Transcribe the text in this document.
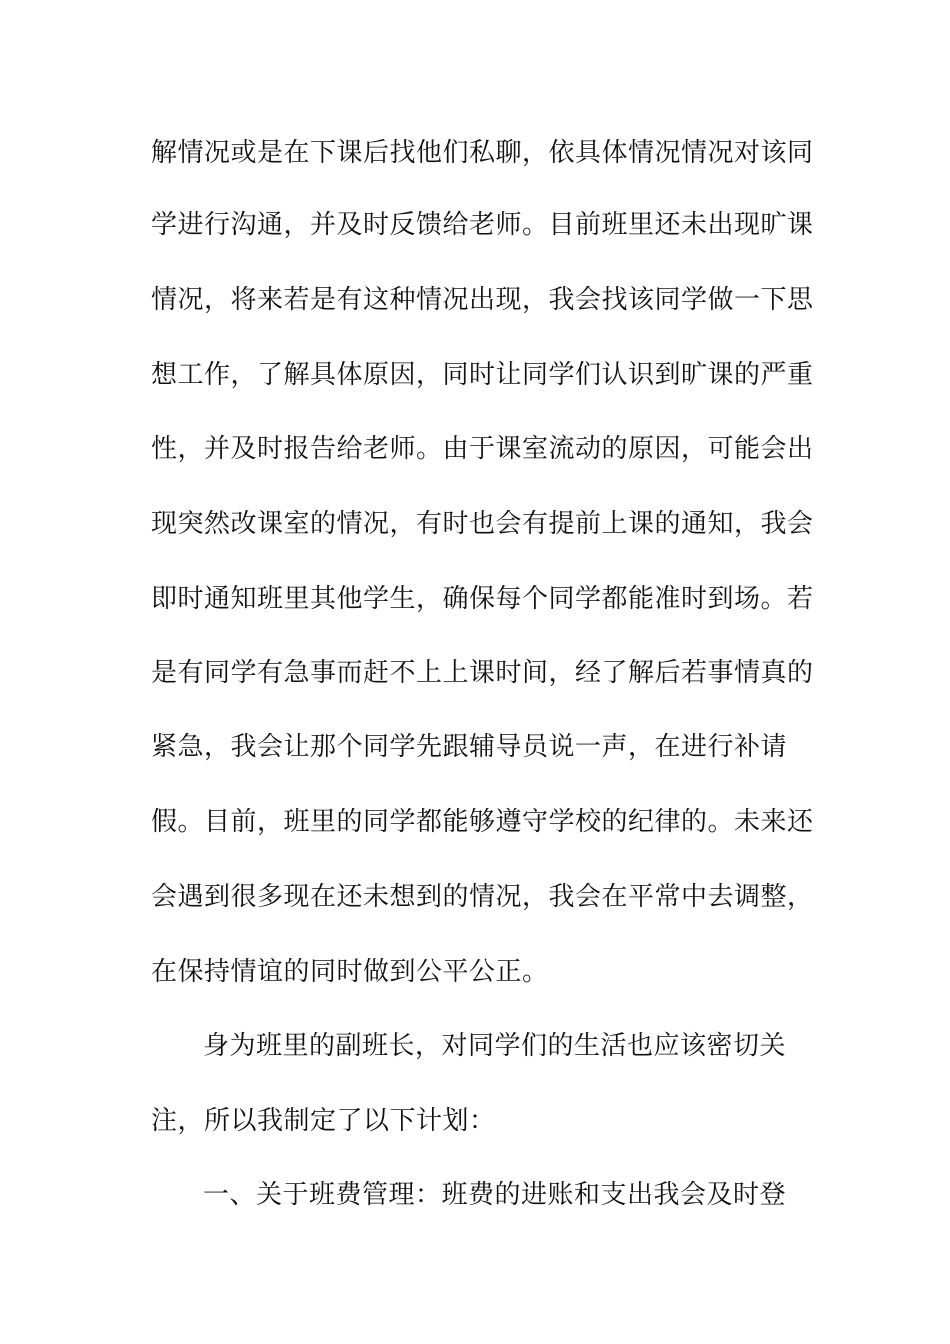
解情况或是在下课后找他们私聊，依具体情况情况对该同
学进行沟通，并及时反馈给老师。目前班里还未出现旷课
情况，将来若是有这种情况出现，我会找该同学做一下思
想工作，了解具体原因，同时让同学们认识到旷课的严重
性，并及时报告给老师。由于课室流动的原因，可能会出
现突然改课室的情况，有时也会有提前上课的通知，我会
即时通知班里其他学生，确保每个同学都能准时到场。若
是有同学有急事而赶不上上课时间，经了解后若事情真的
紧急，我会让那个同学先跟辅导员说一声，在进行补请
假。目前，班里的同学都能够遵守学校的纪律的。未来还
会遇到很多现在还未想到的情况，我会在平常中去调整，
在保持情谊的同时做到公平公正。
身为班里的副班长，对同学们的生活也应该密切关
注，所以我制定了以下计划：
一、关于班费管理：班费的进账和支出我会及时登
